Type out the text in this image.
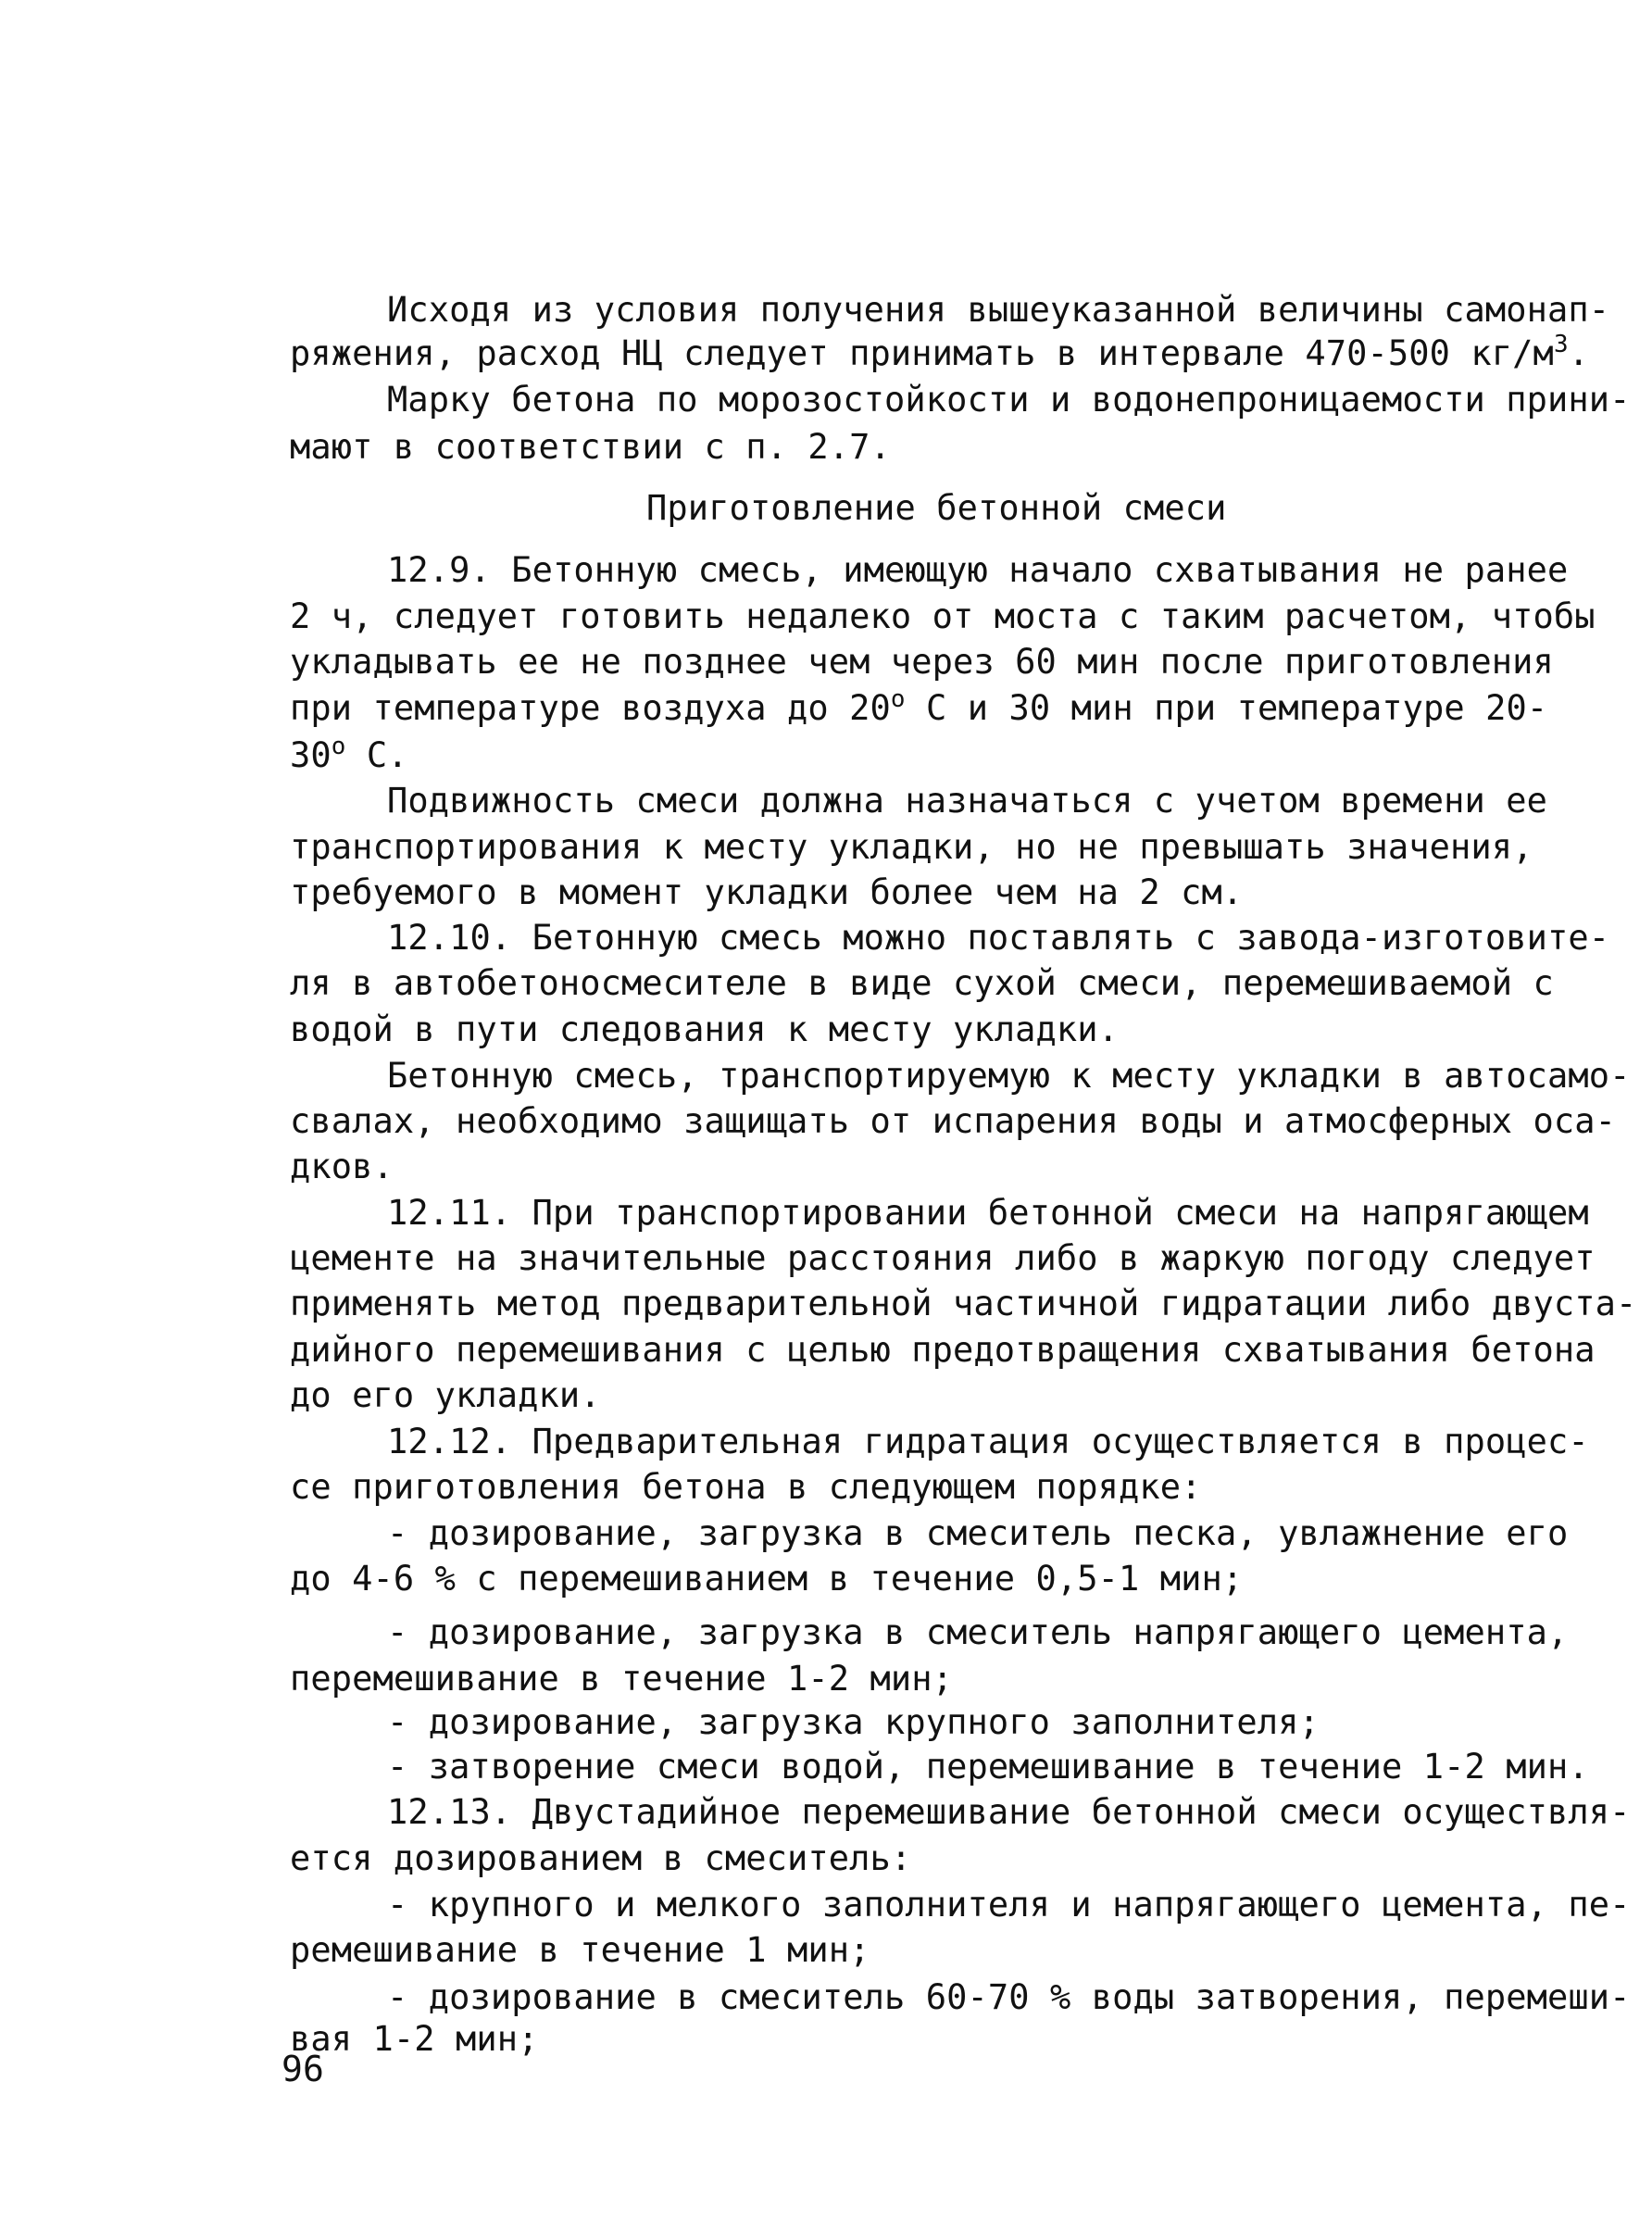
Исходя из условия получения вышеуказанной величины самонап-
ряжения, расход НЦ следует принимать в интервале 470-500 $кг/м^3$.
Марку бетона по морозостойкости и водонепроницаемости прини-
мают в соответствии с п. 2.7.
Приготовление бетонной смеси
12.9. Бетонную смесь, имеющую начало схватывания не ранее
2 ч, следует готовить недалеко от моста с таким расчетом, чтобы
укладывать ее не позднее чем через 60 мин после приготовления
при температуре воздуха до $20^о$ С и 30 мин при температуре 20-
$30^о$ С.
Подвижность смеси должна назначаться с учетом времени ее
транспортирования к месту укладки, но не превышать значения,
требуемого в момент укладки более чем на 2 см.
12.10. Бетонную смесь можно поставлять с завода-изготовите-
ля в автобетоносмесителе в виде сухой смеси, перемешиваемой с
водой в пути следования к месту укладки.
Бетонную смесь, транспортируемую к месту укладки в автосамо-
свалах, необходимо защищать от испарения воды и атмосферных оса-
дков.
12.11. При транспортировании бетонной смеси на напрягающем
цементе на значительные расстояния либо в жаркую погоду следует
применять метод предварительной частичной гидратации либо двуста-
дийного перемешивания с целью предотвращения схватывания бетона
до его укладки.
12.12. Предварительная гидратация осуществляется в процес-
се приготовления бетона в следующем порядке:
- дозирование, загрузка в смеситель песка, увлажнение его
до 4-6 % с перемешиванием в течение 0,5-1 мин;
- дозирование, загрузка в смеситель напрягающего цемента,
перемешивание в течение 1-2 мин;
- дозирование, загрузка крупного заполнителя;
- затворение смеси водой, перемешивание в течение 1-2 мин.
12.13. Двустадийное перемешивание бетонной смеси осуществля-
ется дозированием в смеситель:
- крупного и мелкого заполнителя и напрягающего цемента, пе-
ремешивание в течение 1 мин;
- дозирование в смеситель 60-70 % воды затворения, перемеши-
вая 1-2 мин;
96
